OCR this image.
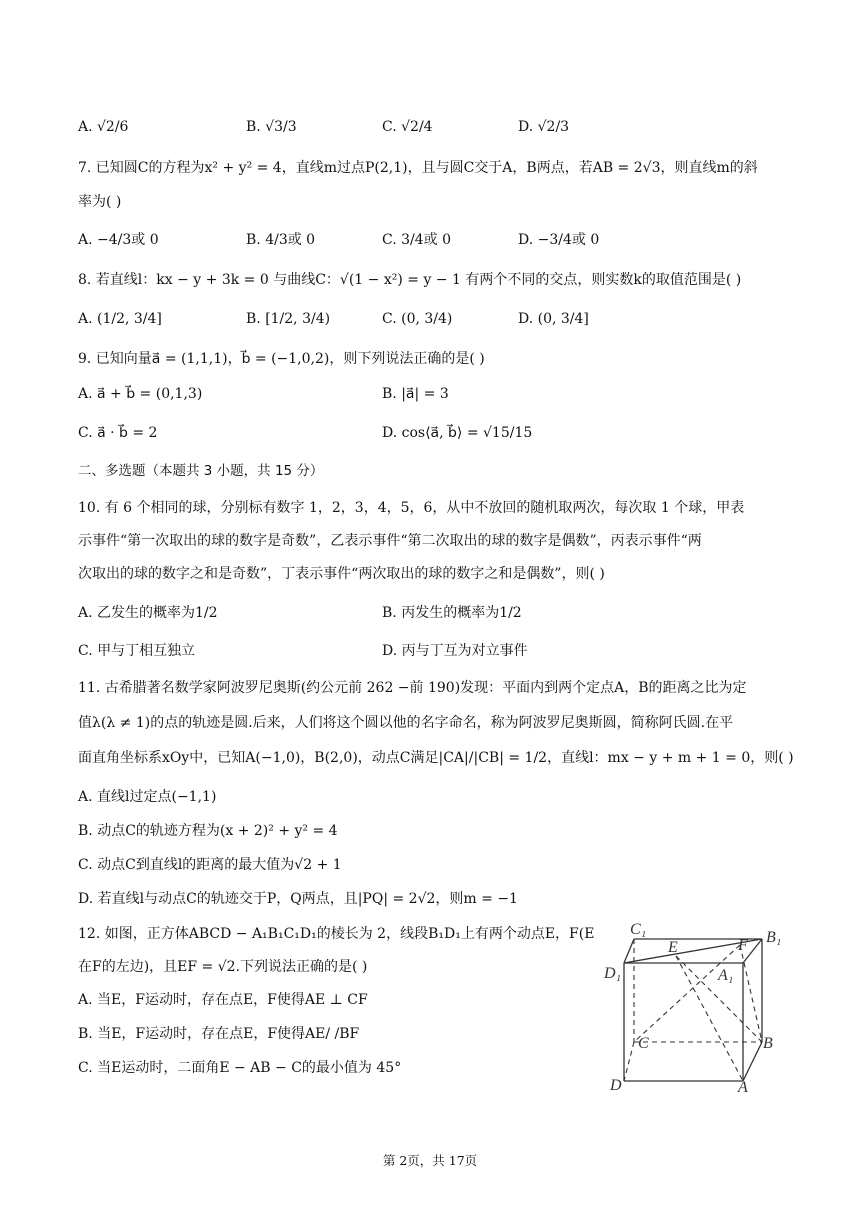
A. √2/6	B. √3/3	C. √2/4	D. √2/3
7. 已知圆C的方程为x² + y² = 4，直线m过点P(2,1)，且与圆C交于A，B两点，若AB = 2√3，则直线m的斜
率为( )
A. −4/3或 0	B. 4/3或 0	C. 3/4或 0	D. −3/4或 0
8. 若直线l：kx − y + 3k = 0 与曲线C：√(1 − x²) = y − 1 有两个不同的交点，则实数k的取值范围是( )
A. (1/2, 3/4]	B. [1/2, 3/4)	C. (0, 3/4)	D. (0, 3/4]
9. 已知向量a⃗ = (1,1,1)，b⃗ = (−1,0,2)，则下列说法正确的是( )
A. a⃗ + b⃗ = (0,1,3)	B. |a⃗| = 3
C. a⃗ · b⃗ = 2	D. cos⟨a⃗, b⃗⟩ = √15/15
二、多选题（本题共 3 小题，共 15 分）
10. 有 6 个相同的球，分别标有数字 1，2，3，4，5，6，从中不放回的随机取两次，每次取 1 个球，甲表
示事件“第一次取出的球的数字是奇数”，乙表示事件“第二次取出的球的数字是偶数”，丙表示事件“两
次取出的球的数字之和是奇数”，丁表示事件“两次取出的球的数字之和是偶数”，则( )
A. 乙发生的概率为1/2	B. 丙发生的概率为1/2
C. 甲与丁相互独立	D. 丙与丁互为对立事件
11. 古希腊著名数学家阿波罗尼奥斯(约公元前 262 −前 190)发现：平面内到两个定点A，B的距离之比为定
值λ(λ ≠ 1)的点的轨迹是圆.后来，人们将这个圆以他的名字命名，称为阿波罗尼奥斯圆，简称阿氏圆.在平
面直角坐标系xOy中，已知A(−1,0)，B(2,0)，动点C满足|CA|/|CB| = 1/2，直线l：mx − y + m + 1 = 0，则( )
A. 直线l过定点(−1,1)
B. 动点C的轨迹方程为(x + 2)² + y² = 4
C. 动点C到直线l的距离的最大值为√2 + 1
D. 若直线l与动点C的轨迹交于P，Q两点，且|PQ| = 2√2，则m = −1
12. 如图，正方体ABCD − A₁B₁C₁D₁的棱长为 2，线段B₁D₁上有两个动点E，F(E
在F的左边)，且EF = √2.下列说法正确的是( )
A. 当E，F运动时，存在点E，F使得AE ⊥ CF
B. 当E，F运动时，存在点E，F使得AE/ /BF
C. 当E运动时，二面角E − AB − C的最小值为 45°
C₁	B₁
D₁	A₁
E	F
C	B
D	A
第 2页，共 17页
